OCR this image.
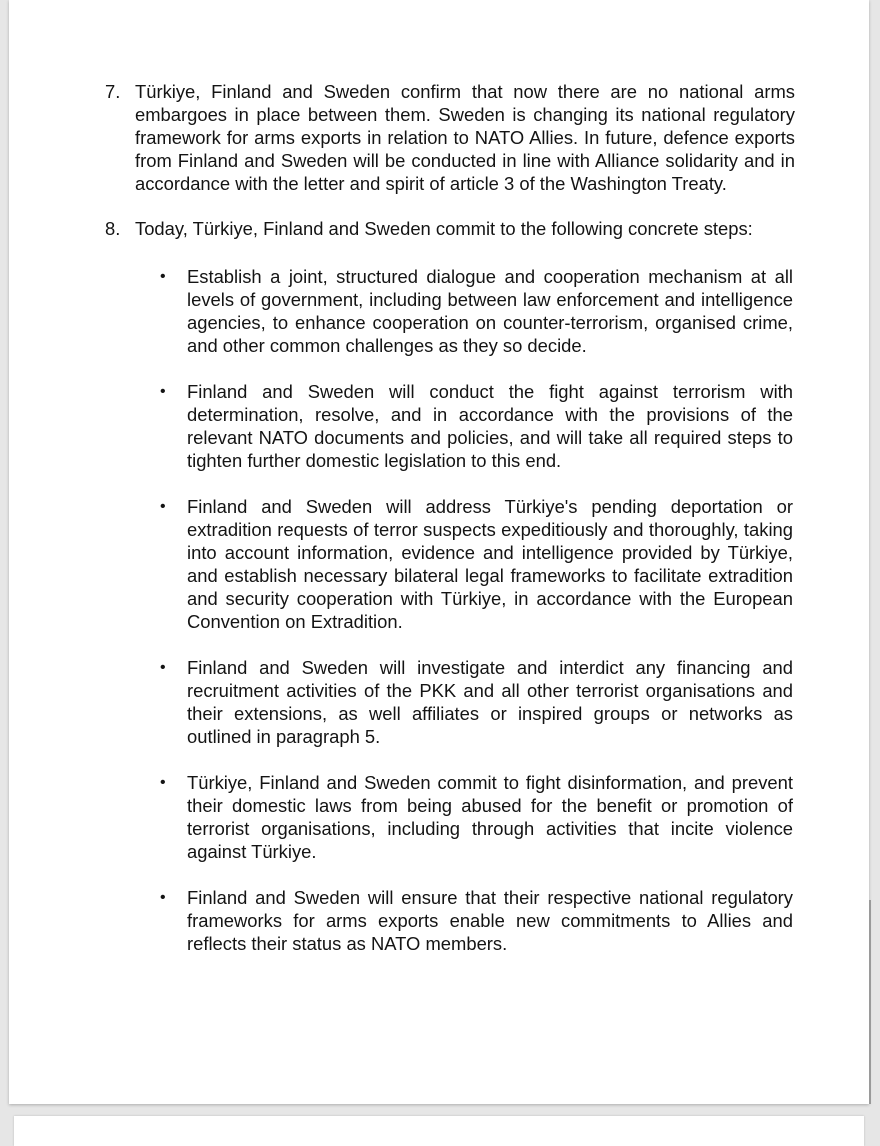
7. Türkiye, Finland and Sweden confirm that now there are no national arms embargoes in place between them. Sweden is changing its national regulatory framework for arms exports in relation to NATO Allies. In future, defence exports from Finland and Sweden will be conducted in line with Alliance solidarity and in accordance with the letter and spirit of article 3 of the Washington Treaty.
8. Today, Türkiye, Finland and Sweden commit to the following concrete steps:
•	Establish a joint, structured dialogue and cooperation mechanism at all levels of government, including between law enforcement and intelligence agencies, to enhance cooperation on counter-terrorism, organised crime, and other common challenges as they so decide.
•	Finland and Sweden will conduct the fight against terrorism with determination, resolve, and in accordance with the provisions of the relevant NATO documents and policies, and will take all required steps to tighten further domestic legislation to this end.
•	Finland and Sweden will address Türkiye's pending deportation or extradition requests of terror suspects expeditiously and thoroughly, taking into account information, evidence and intelligence provided by Türkiye, and establish necessary bilateral legal frameworks to facilitate extradition and security cooperation with Türkiye, in accordance with the European Convention on Extradition.
•	Finland and Sweden will investigate and interdict any financing and recruitment activities of the PKK and all other terrorist organisations and their extensions, as well affiliates or inspired groups or networks as outlined in paragraph 5.
•	Türkiye, Finland and Sweden commit to fight disinformation, and prevent their domestic laws from being abused for the benefit or promotion of terrorist organisations, including through activities that incite violence against Türkiye.
•	Finland and Sweden will ensure that their respective national regulatory frameworks for arms exports enable new commitments to Allies and reflects their status as NATO members.
